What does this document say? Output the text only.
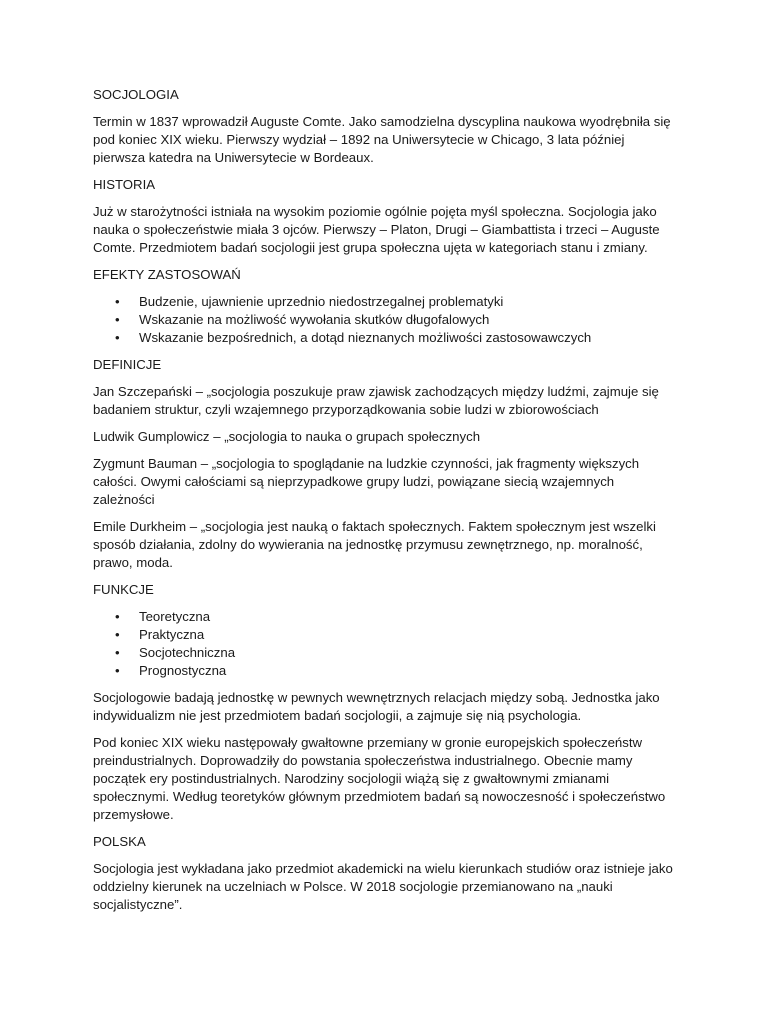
SOCJOLOGIA

Termin w 1837 wprowadził Auguste Comte. Jako samodzielna dyscyplina naukowa wyodrębniła się pod koniec XIX wieku. Pierwszy wydział – 1892 na Uniwersytecie w Chicago, 3 lata później pierwsza katedra na Uniwersytecie w Bordeaux.

HISTORIA

Już w starożytności istniała na wysokim poziomie ogólnie pojęta myśl społeczna. Socjologia jako nauka o społeczeństwie miała 3 ojców. Pierwszy – Platon, Drugi – Giambattista i trzeci – Auguste Comte. Przedmiotem badań socjologii jest grupa społeczna ujęta w kategoriach stanu i zmiany.

EFEKTY ZASTOSOWAŃ

• Budzenie, ujawnienie uprzednio niedostrzegalnej problematyki
• Wskazanie na możliwość wywołania skutków długofalowych
• Wskazanie bezpośrednich, a dotąd nieznanych możliwości zastosowawczych

DEFINICJE

Jan Szczepański – „socjologia poszukuje praw zjawisk zachodzących między ludźmi, zajmuje się badaniem struktur, czyli wzajemnego przyporządkowania sobie ludzi w zbiorowościach

Ludwik Gumplowicz – „socjologia to nauka o grupach społecznych

Zygmunt Bauman – „socjologia to spoglądanie na ludzkie czynności, jak fragmenty większych całości. Owymi całościami są nieprzypadkowe grupy ludzi, powiązane siecią wzajemnych zależności

Emile Durkheim – „socjologia jest nauką o faktach społecznych. Faktem społecznym jest wszelki sposób działania, zdolny do wywierania na jednostkę przymusu zewnętrznego, np. moralność, prawo, moda.

FUNKCJE

• Teoretyczna
• Praktyczna
• Socjotechniczna
• Prognostyczna

Socjologowie badają jednostkę w pewnych wewnętrznych relacjach między sobą. Jednostka jako indywidualizm nie jest przedmiotem badań socjologii, a zajmuje się nią psychologia.

Pod koniec XIX wieku następowały gwałtowne przemiany w gronie europejskich społeczeństw preindustrialnych. Doprowadziły do powstania społeczeństwa industrialnego. Obecnie mamy początek ery postindustrialnych. Narodziny socjologii wiążą się z gwałtownymi zmianami społecznymi. Według teoretyków głównym przedmiotem badań są nowoczesność i społeczeństwo przemysłowe.

POLSKA

Socjologia jest wykładana jako przedmiot akademicki na wielu kierunkach studiów oraz istnieje jako oddzielny kierunek na uczelniach w Polsce. W 2018 socjologie przemianowano na „nauki socjalistyczne”.
